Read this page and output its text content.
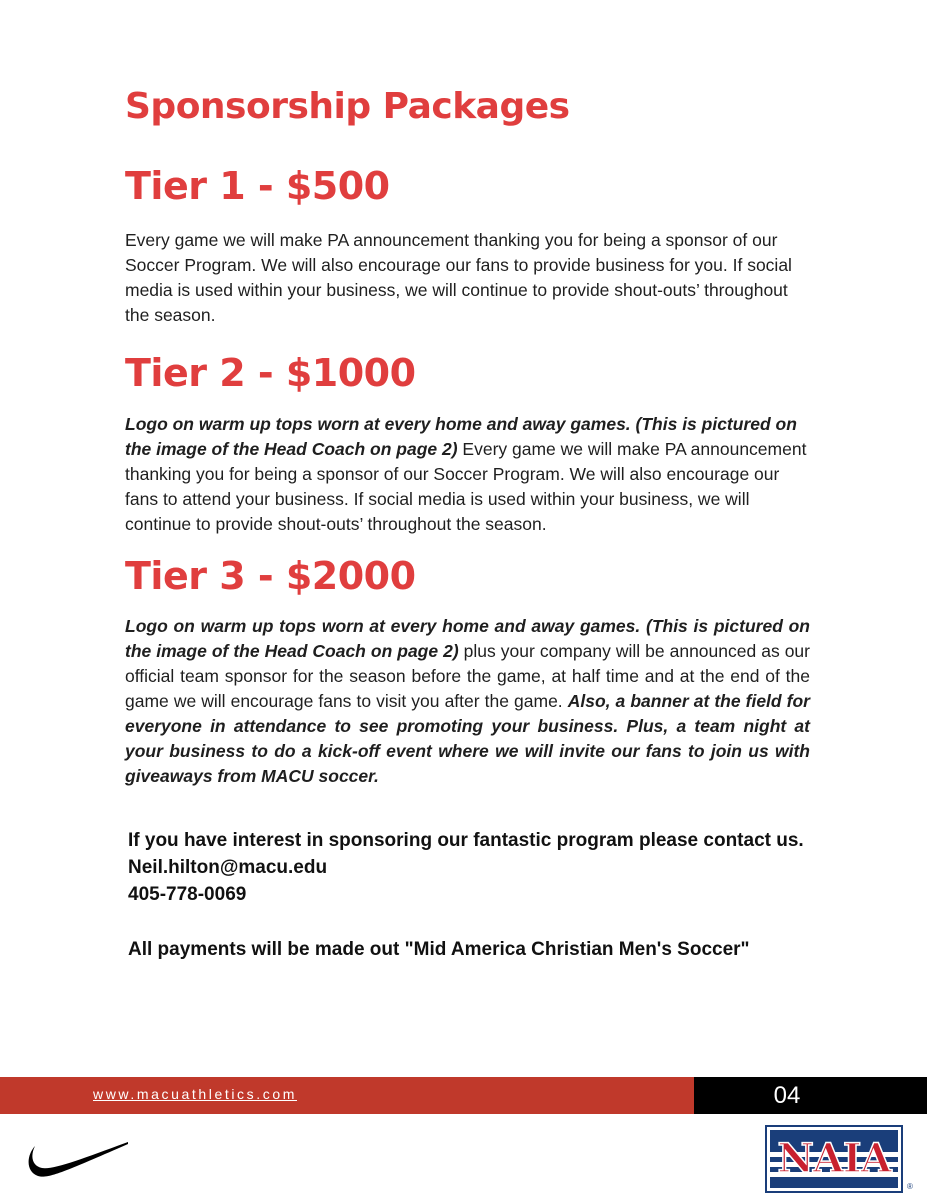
Sponsorship Packages
Tier 1 - $500

Every game we will make PA announcement thanking you for being a sponsor of our Soccer Program. We will also encourage our fans to provide business for you. If social media is used within your business, we will continue to provide shout-outs’ throughout the season.

Tier 2 - $1000

Logo on warm up tops worn at every home and away games. (This is pictured on the image of the Head Coach on page 2) Every game we will make PA announcement thanking you for being a sponsor of our Soccer Program. We will also encourage our fans to attend your business. If social media is used within your business, we will continue to provide shout-outs’ throughout the season.

Tier 3 - $2000

Logo on warm up tops worn at every home and away games. (This is pictured on the image of the Head Coach on page 2) plus your company will be announced as our official team sponsor for the season before the game, at half time and at the end of the game we will encourage fans to visit you after the game. Also, a banner at the field for everyone in attendance to see promoting your business. Plus, a team night at your business to do a kick-off event where we will invite our fans to join us with giveaways from MACU soccer.

If you have interest in sponsoring our fantastic program please contact us.

Neil.hilton@macu.edu

405-778-0069

All payments will be made out "Mid America Christian Men's Soccer"

www.macuathletics.com	04
NAIA
®
